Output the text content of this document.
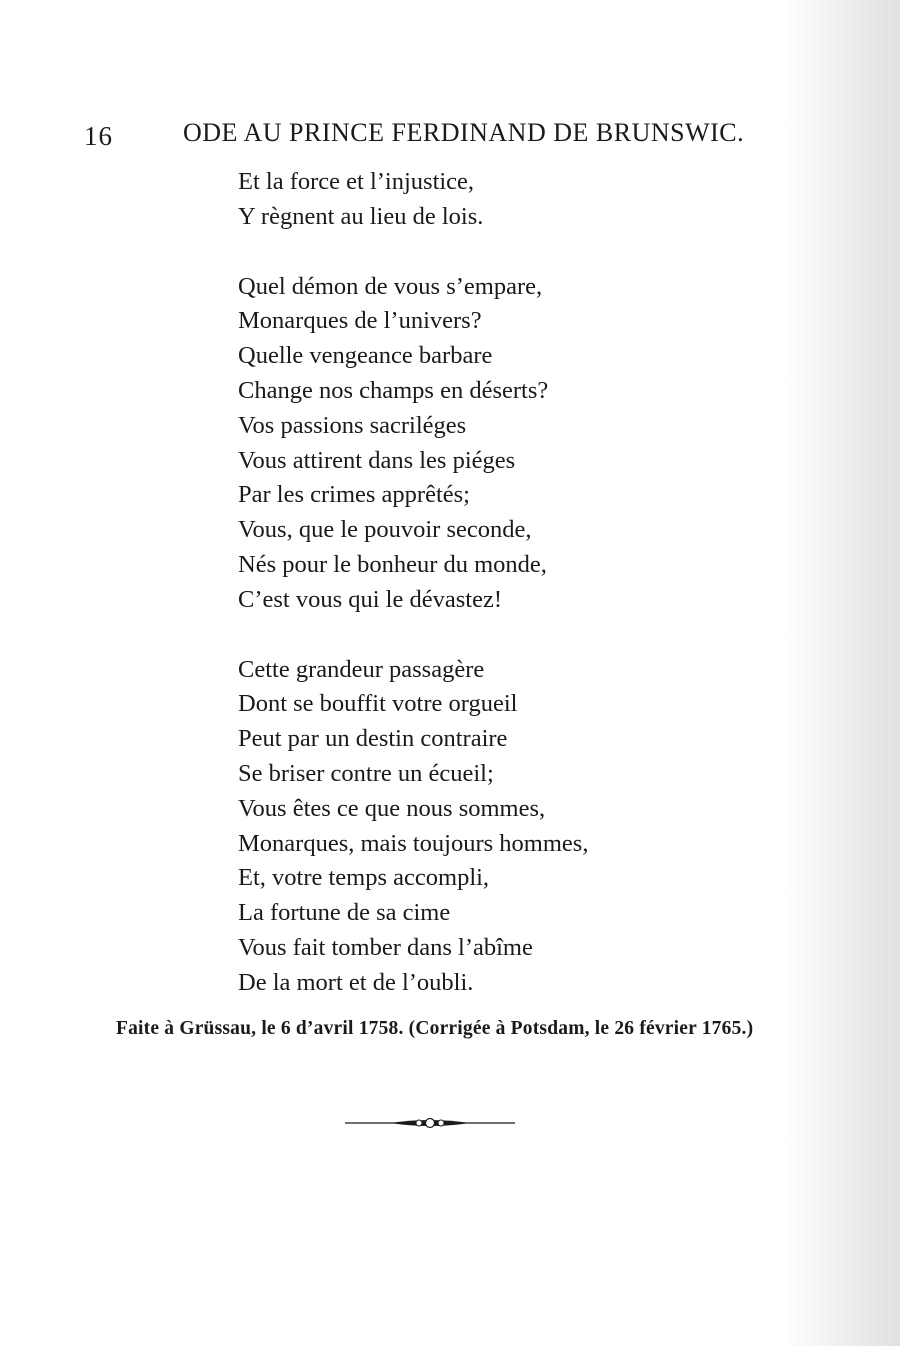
16	ODE AU PRINCE FERDINAND DE BRUNSWIC.
Et la force et l’injustice,
Y règnent au lieu de lois.
Quel démon de vous s’empare,
Monarques de l’univers?
Quelle vengeance barbare
Change nos champs en déserts?
Vos passions sacriléges
Vous attirent dans les piéges
Par les crimes apprêtés;
Vous, que le pouvoir seconde,
Nés pour le bonheur du monde,
C’est vous qui le dévastez!
Cette grandeur passagère
Dont se bouffit votre orgueil
Peut par un destin contraire
Se briser contre un écueil;
Vous êtes ce que nous sommes,
Monarques, mais toujours hommes,
Et, votre temps accompli,
La fortune de sa cime
Vous fait tomber dans l’abîme
De la mort et de l’oubli.
Faite à Grüssau, le 6 d’avril 1758. (Corrigée à Potsdam, le 26 février 1765.)
